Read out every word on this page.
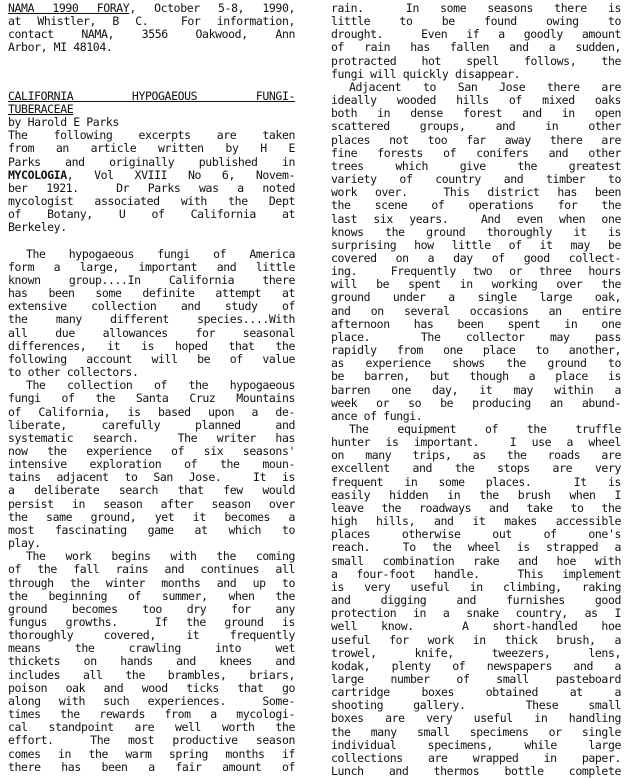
NAMA 1990 FORAY, October 5-8, 1990,
at Whistler, B C.  For information,
contact NAMA, 3556 Oakwood, Ann
Arbor, MI 48104.
CALIFORNIA HYPOGAEOUS FUNGI-
TUBERACEAE
by Harold E Parks
The following excerpts are taken
from an article written by H E
Parks and originally published in
MYCOLOGIA, Vol XVIII No 6, Novem-
ber 1921.  Dr Parks was a noted
mycologist associated with the Dept
of Botany, U of California at
Berkeley.
The hypogaeous fungi of America
form a large, important and little
known group....In California there
has been some definite attempt at
extensive collection and study of
the many different species....With
all due allowances for seasonal
differences, it is hoped that the
following account will be of value
to other collectors.
The collection of the hypogaeous
fungi of the Santa Cruz Mountains
of California, is based upon a de-
liberate, carefully planned and
systematic search.  The writer has
now the experience of six seasons'
intensive exploration of the moun-
tains adjacent to San Jose.  It is
a deliberate search that few would
persist in season after season over
the same ground, yet it becomes a
most fascinating game at which to
play.
The work begins with the coming
of the fall rains and continues all
through the winter months and up to
the beginning of summer, when the
ground becomes too dry for any
fungus growths.  If the ground is
thoroughly covered, it frequently
means the crawling into wet
thickets on hands and knees and
includes all the brambles, briars,
poison oak and wood ticks that go
along with such experiences.  Some-
times the rewards from a mycologi-
cal standpoint are well worth the
effort.  The most productive season
comes in the warm spring months if
there has been a fair amount of
rain.  In some seasons there is
little to be found owing to
drought.  Even if a goodly amount
of rain has fallen and a sudden,
protracted hot spell follows, the
fungi will quickly disappear.
Adjacent to San Jose there are
ideally wooded hills of mixed oaks
both in dense forest and in open
scattered groups, and in other
places not too far away there are
fine forests of conifers and other
trees which give the greatest
variety of country and timber to
work over.  This district has been
the scene of operations for the
last six years.  And even when one
knows the ground thoroughly it is
surprising how little of it may be
covered on a day of good collect-
ing.  Frequently two or three hours
will be spent in working over the
ground under a single large oak,
and on several occasions an entire
afternoon has been spent in one
place.  The collector may pass
rapidly from one place to another,
as experience shows the ground to
be barren, but though a place is
barren one day, it may within a
week or so be producing an abund-
ance of fungi.
The equipment of the truffle
hunter is important.  I use a wheel
on many trips, as the roads are
excellent and the stops are very
frequent in some places.  It is
easily hidden in the brush when I
leave the roadways and take to the
high hills, and it makes accessible
places otherwise out of one's
reach.  To the wheel is strapped a
small combination rake and hoe with
a four-foot handle.  This implement
is very useful in climbing, raking
and digging and furnishes good
protection in a snake country, as I
well know.  A short-handled hoe
useful for work in thick brush, a
trowel, knife, tweezers, lens,
kodak, plenty of newspapers and a
large number of small pasteboard
cartridge boxes obtained at a
shooting gallery.  These small
boxes are very useful in handling
the many small specimens or single
individual specimens, while large
collections are wrapped in paper.
Lunch and thermos bottle complete
